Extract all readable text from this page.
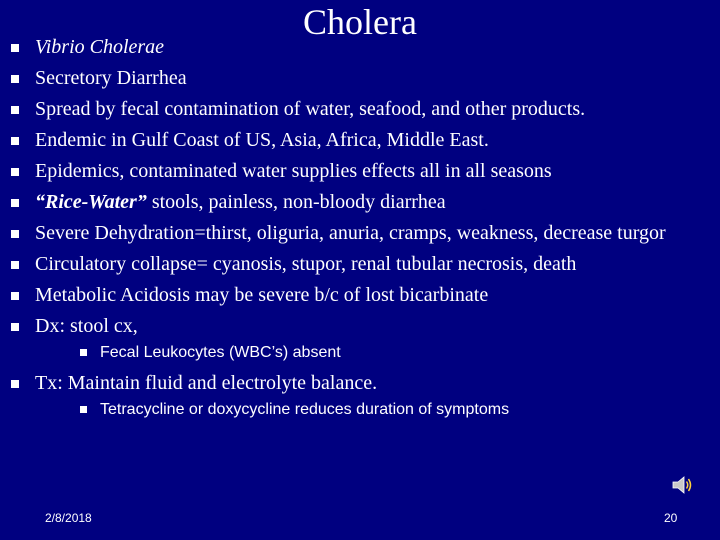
Cholera
Vibrio Cholerae
Secretory Diarrhea
Spread by fecal contamination of water, seafood, and other products.
Endemic in Gulf Coast of US, Asia, Africa, Middle East.
Epidemics, contaminated water supplies effects all in all seasons
“Rice-Water” stools, painless, non-bloody diarrhea
Severe Dehydration=thirst, oliguria, anuria, cramps, weakness, decrease turgor
Circulatory collapse= cyanosis, stupor, renal tubular necrosis, death
Metabolic Acidosis may be severe b/c of lost bicarbinate
Dx: stool cx,
Fecal Leukocytes (WBC’s) absent
Tx: Maintain fluid and electrolyte balance.
Tetracycline or doxycycline reduces duration of symptoms
2/8/2018	20
